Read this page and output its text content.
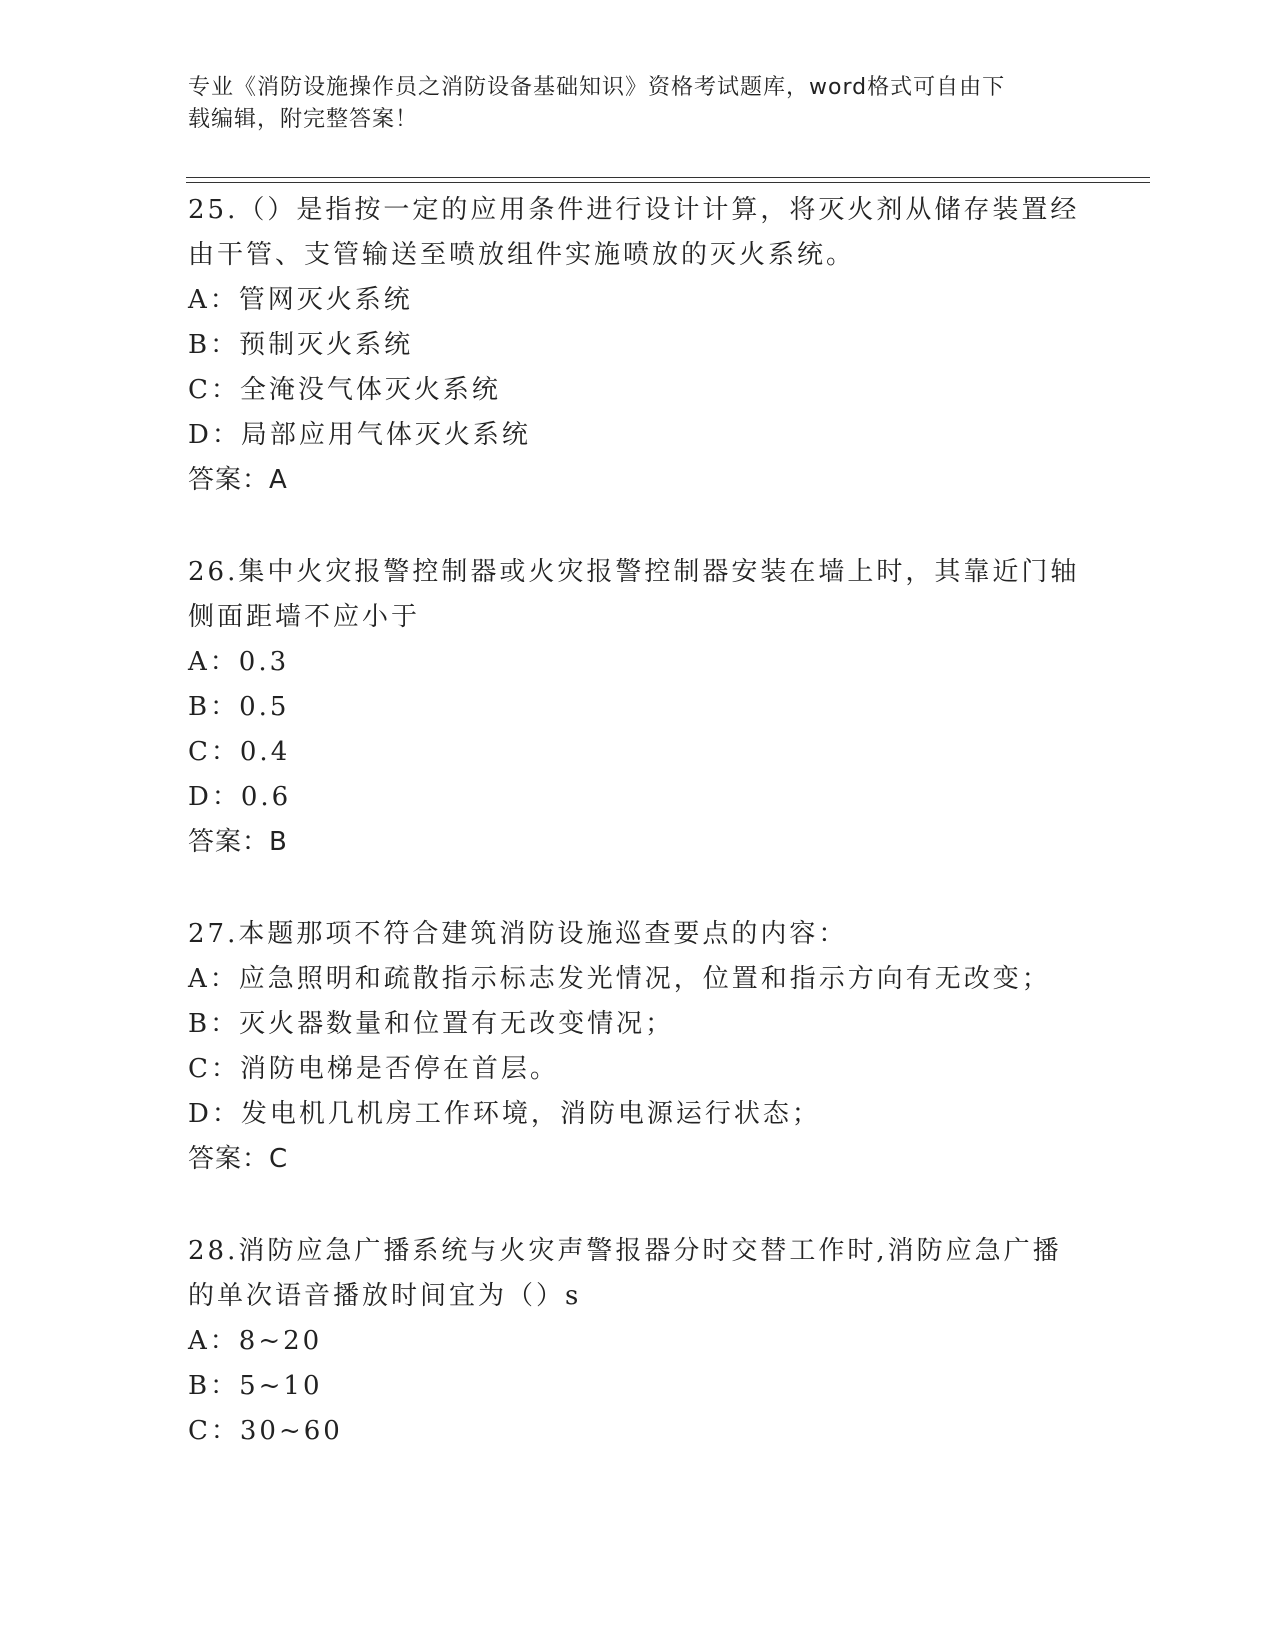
专业《消防设施操作员之消防设备基础知识》资格考试题库，word格式可自由下
载编辑，附完整答案！
25.（）是指按一定的应用条件进行设计计算，将灭火剂从储存装置经
由干管、支管输送至喷放组件实施喷放的灭火系统。
A：管网灭火系统
B：预制灭火系统
C：全淹没气体灭火系统
D：局部应用气体灭火系统
答案：A
26.集中火灾报警控制器或火灾报警控制器安装在墙上时，其靠近门轴
侧面距墙不应小于
A：0.3
B：0.5
C：0.4
D：0.6
答案：B
27.本题那项不符合建筑消防设施巡查要点的内容：
A：应急照明和疏散指示标志发光情况，位置和指示方向有无改变；
B：灭火器数量和位置有无改变情况；
C：消防电梯是否停在首层。
D：发电机几机房工作环境，消防电源运行状态；
答案：C
28.消防应急广播系统与火灾声警报器分时交替工作时,消防应急广播
的单次语音播放时间宜为（）s
A：8~20
B：5~10
C：30~60
